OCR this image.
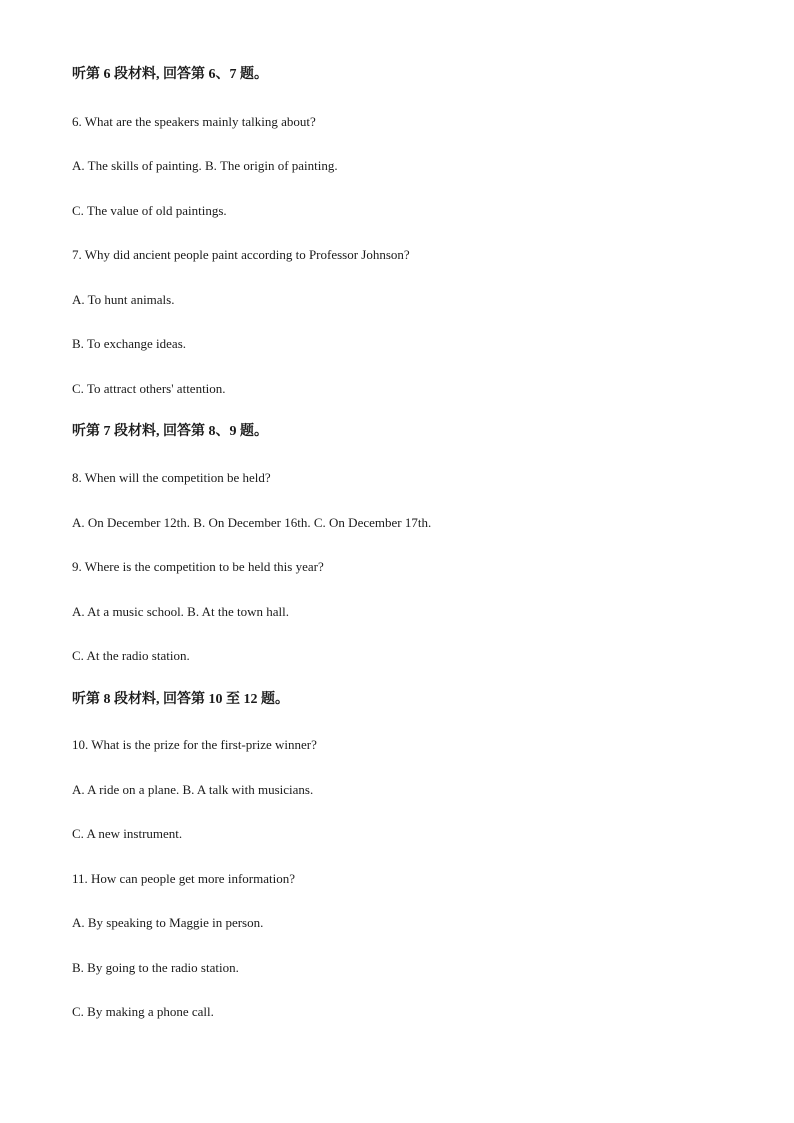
听第 6 段材料, 回答第 6、7 题。
6. What are the speakers mainly talking about?
A. The skills of painting. B. The origin of painting.
C. The value of old paintings.
7. Why did ancient people paint according to Professor Johnson?
A. To hunt animals.
B. To exchange ideas.
C. To attract others' attention.
听第 7 段材料, 回答第 8、9 题。
8. When will the competition be held?
A. On December 12th. B. On December 16th. C. On December 17th.
9. Where is the competition to be held this year?
A. At a music school. B. At the town hall.
C. At the radio station.
听第 8 段材料, 回答第 10 至 12 题。
10. What is the prize for the first-prize winner?
A. A ride on a plane. B. A talk with musicians.
C. A new instrument.
11. How can people get more information?
A. By speaking to Maggie in person.
B. By going to the radio station.
C. By making a phone call.
